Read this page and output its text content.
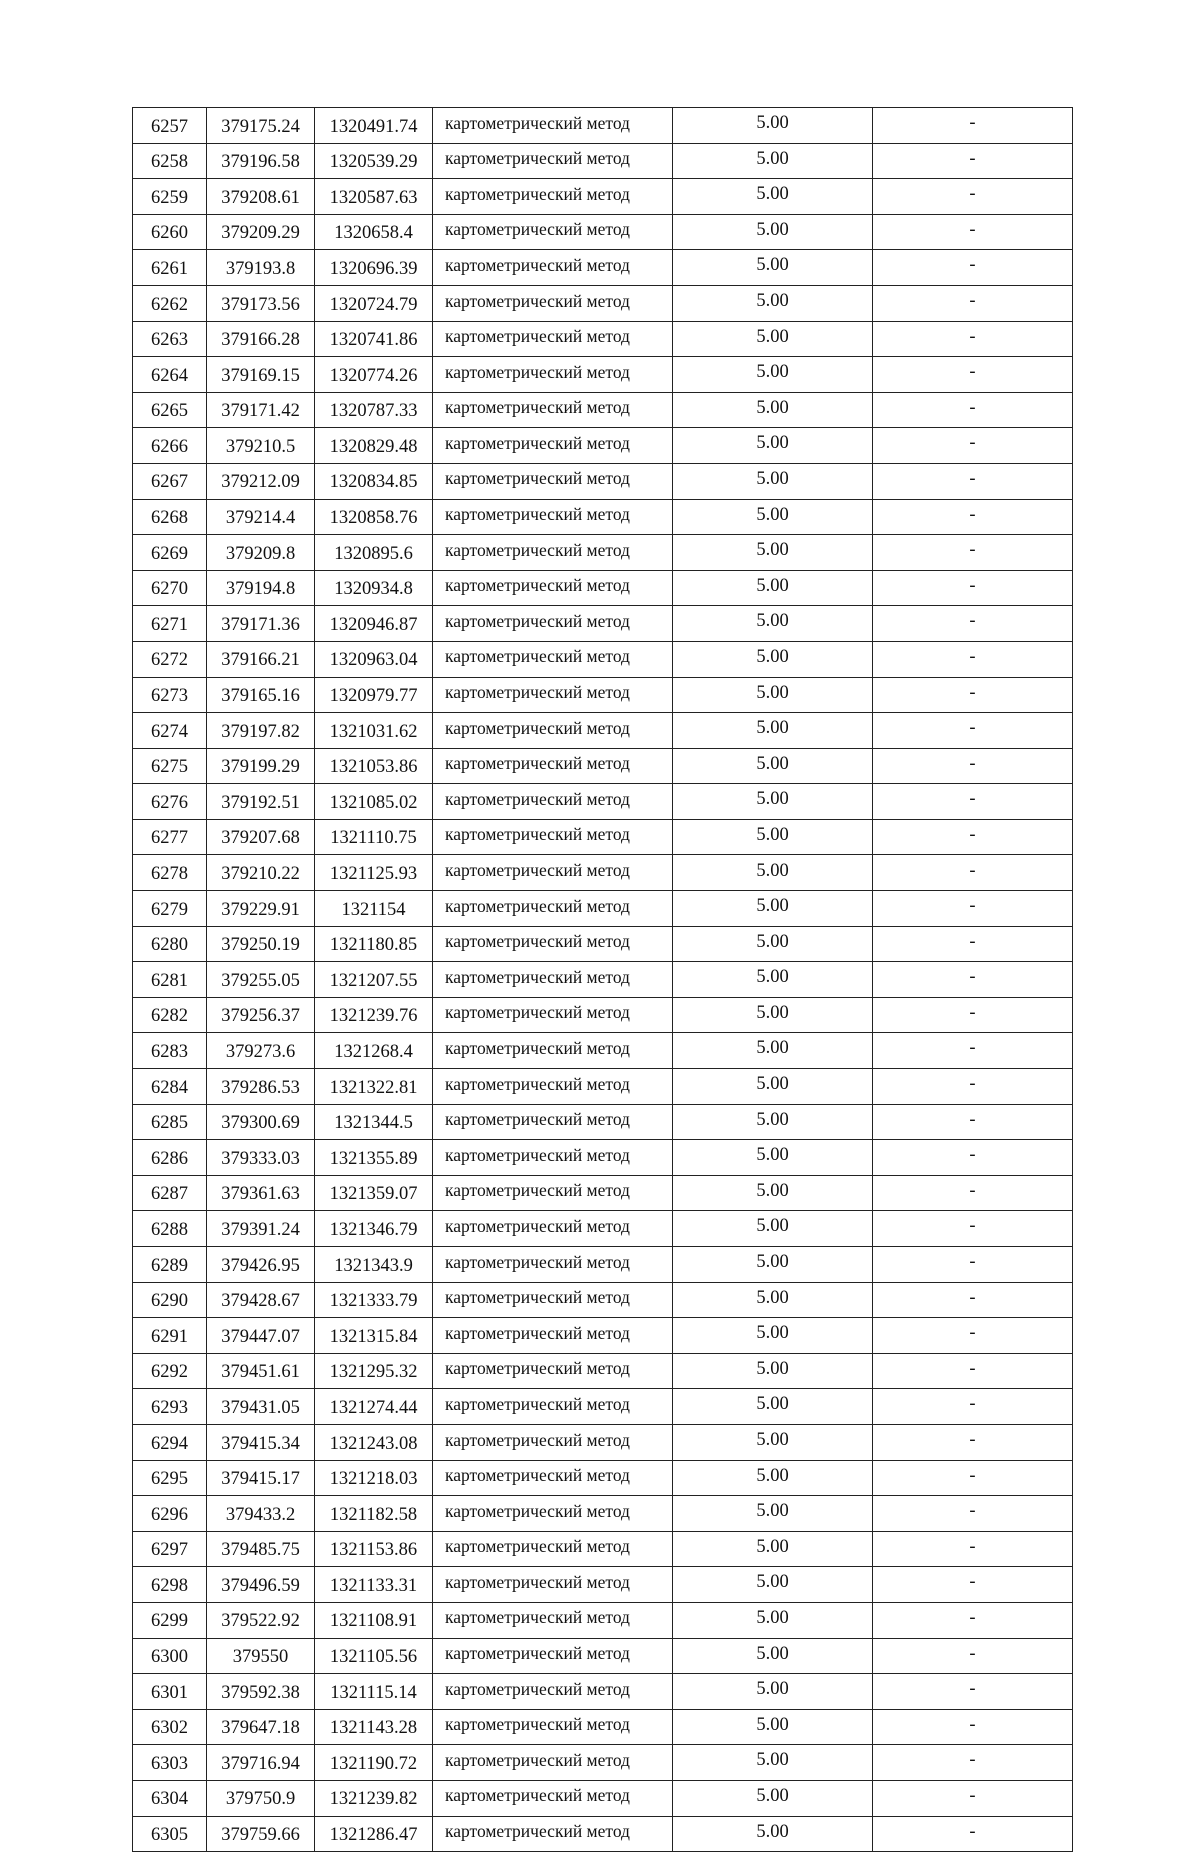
6257	379175.24	1320491.74	картометрический метод	5.00	-
6258	379196.58	1320539.29	картометрический метод	5.00	-
6259	379208.61	1320587.63	картометрический метод	5.00	-
6260	379209.29	1320658.4	картометрический метод	5.00	-
6261	379193.8	1320696.39	картометрический метод	5.00	-
6262	379173.56	1320724.79	картометрический метод	5.00	-
6263	379166.28	1320741.86	картометрический метод	5.00	-
6264	379169.15	1320774.26	картометрический метод	5.00	-
6265	379171.42	1320787.33	картометрический метод	5.00	-
6266	379210.5	1320829.48	картометрический метод	5.00	-
6267	379212.09	1320834.85	картометрический метод	5.00	-
6268	379214.4	1320858.76	картометрический метод	5.00	-
6269	379209.8	1320895.6	картометрический метод	5.00	-
6270	379194.8	1320934.8	картометрический метод	5.00	-
6271	379171.36	1320946.87	картометрический метод	5.00	-
6272	379166.21	1320963.04	картометрический метод	5.00	-
6273	379165.16	1320979.77	картометрический метод	5.00	-
6274	379197.82	1321031.62	картометрический метод	5.00	-
6275	379199.29	1321053.86	картометрический метод	5.00	-
6276	379192.51	1321085.02	картометрический метод	5.00	-
6277	379207.68	1321110.75	картометрический метод	5.00	-
6278	379210.22	1321125.93	картометрический метод	5.00	-
6279	379229.91	1321154	картометрический метод	5.00	-
6280	379250.19	1321180.85	картометрический метод	5.00	-
6281	379255.05	1321207.55	картометрический метод	5.00	-
6282	379256.37	1321239.76	картометрический метод	5.00	-
6283	379273.6	1321268.4	картометрический метод	5.00	-
6284	379286.53	1321322.81	картометрический метод	5.00	-
6285	379300.69	1321344.5	картометрический метод	5.00	-
6286	379333.03	1321355.89	картометрический метод	5.00	-
6287	379361.63	1321359.07	картометрический метод	5.00	-
6288	379391.24	1321346.79	картометрический метод	5.00	-
6289	379426.95	1321343.9	картометрический метод	5.00	-
6290	379428.67	1321333.79	картометрический метод	5.00	-
6291	379447.07	1321315.84	картометрический метод	5.00	-
6292	379451.61	1321295.32	картометрический метод	5.00	-
6293	379431.05	1321274.44	картометрический метод	5.00	-
6294	379415.34	1321243.08	картометрический метод	5.00	-
6295	379415.17	1321218.03	картометрический метод	5.00	-
6296	379433.2	1321182.58	картометрический метод	5.00	-
6297	379485.75	1321153.86	картометрический метод	5.00	-
6298	379496.59	1321133.31	картометрический метод	5.00	-
6299	379522.92	1321108.91	картометрический метод	5.00	-
6300	379550	1321105.56	картометрический метод	5.00	-
6301	379592.38	1321115.14	картометрический метод	5.00	-
6302	379647.18	1321143.28	картометрический метод	5.00	-
6303	379716.94	1321190.72	картометрический метод	5.00	-
6304	379750.9	1321239.82	картометрический метод	5.00	-
6305	379759.66	1321286.47	картометрический метод	5.00	-
